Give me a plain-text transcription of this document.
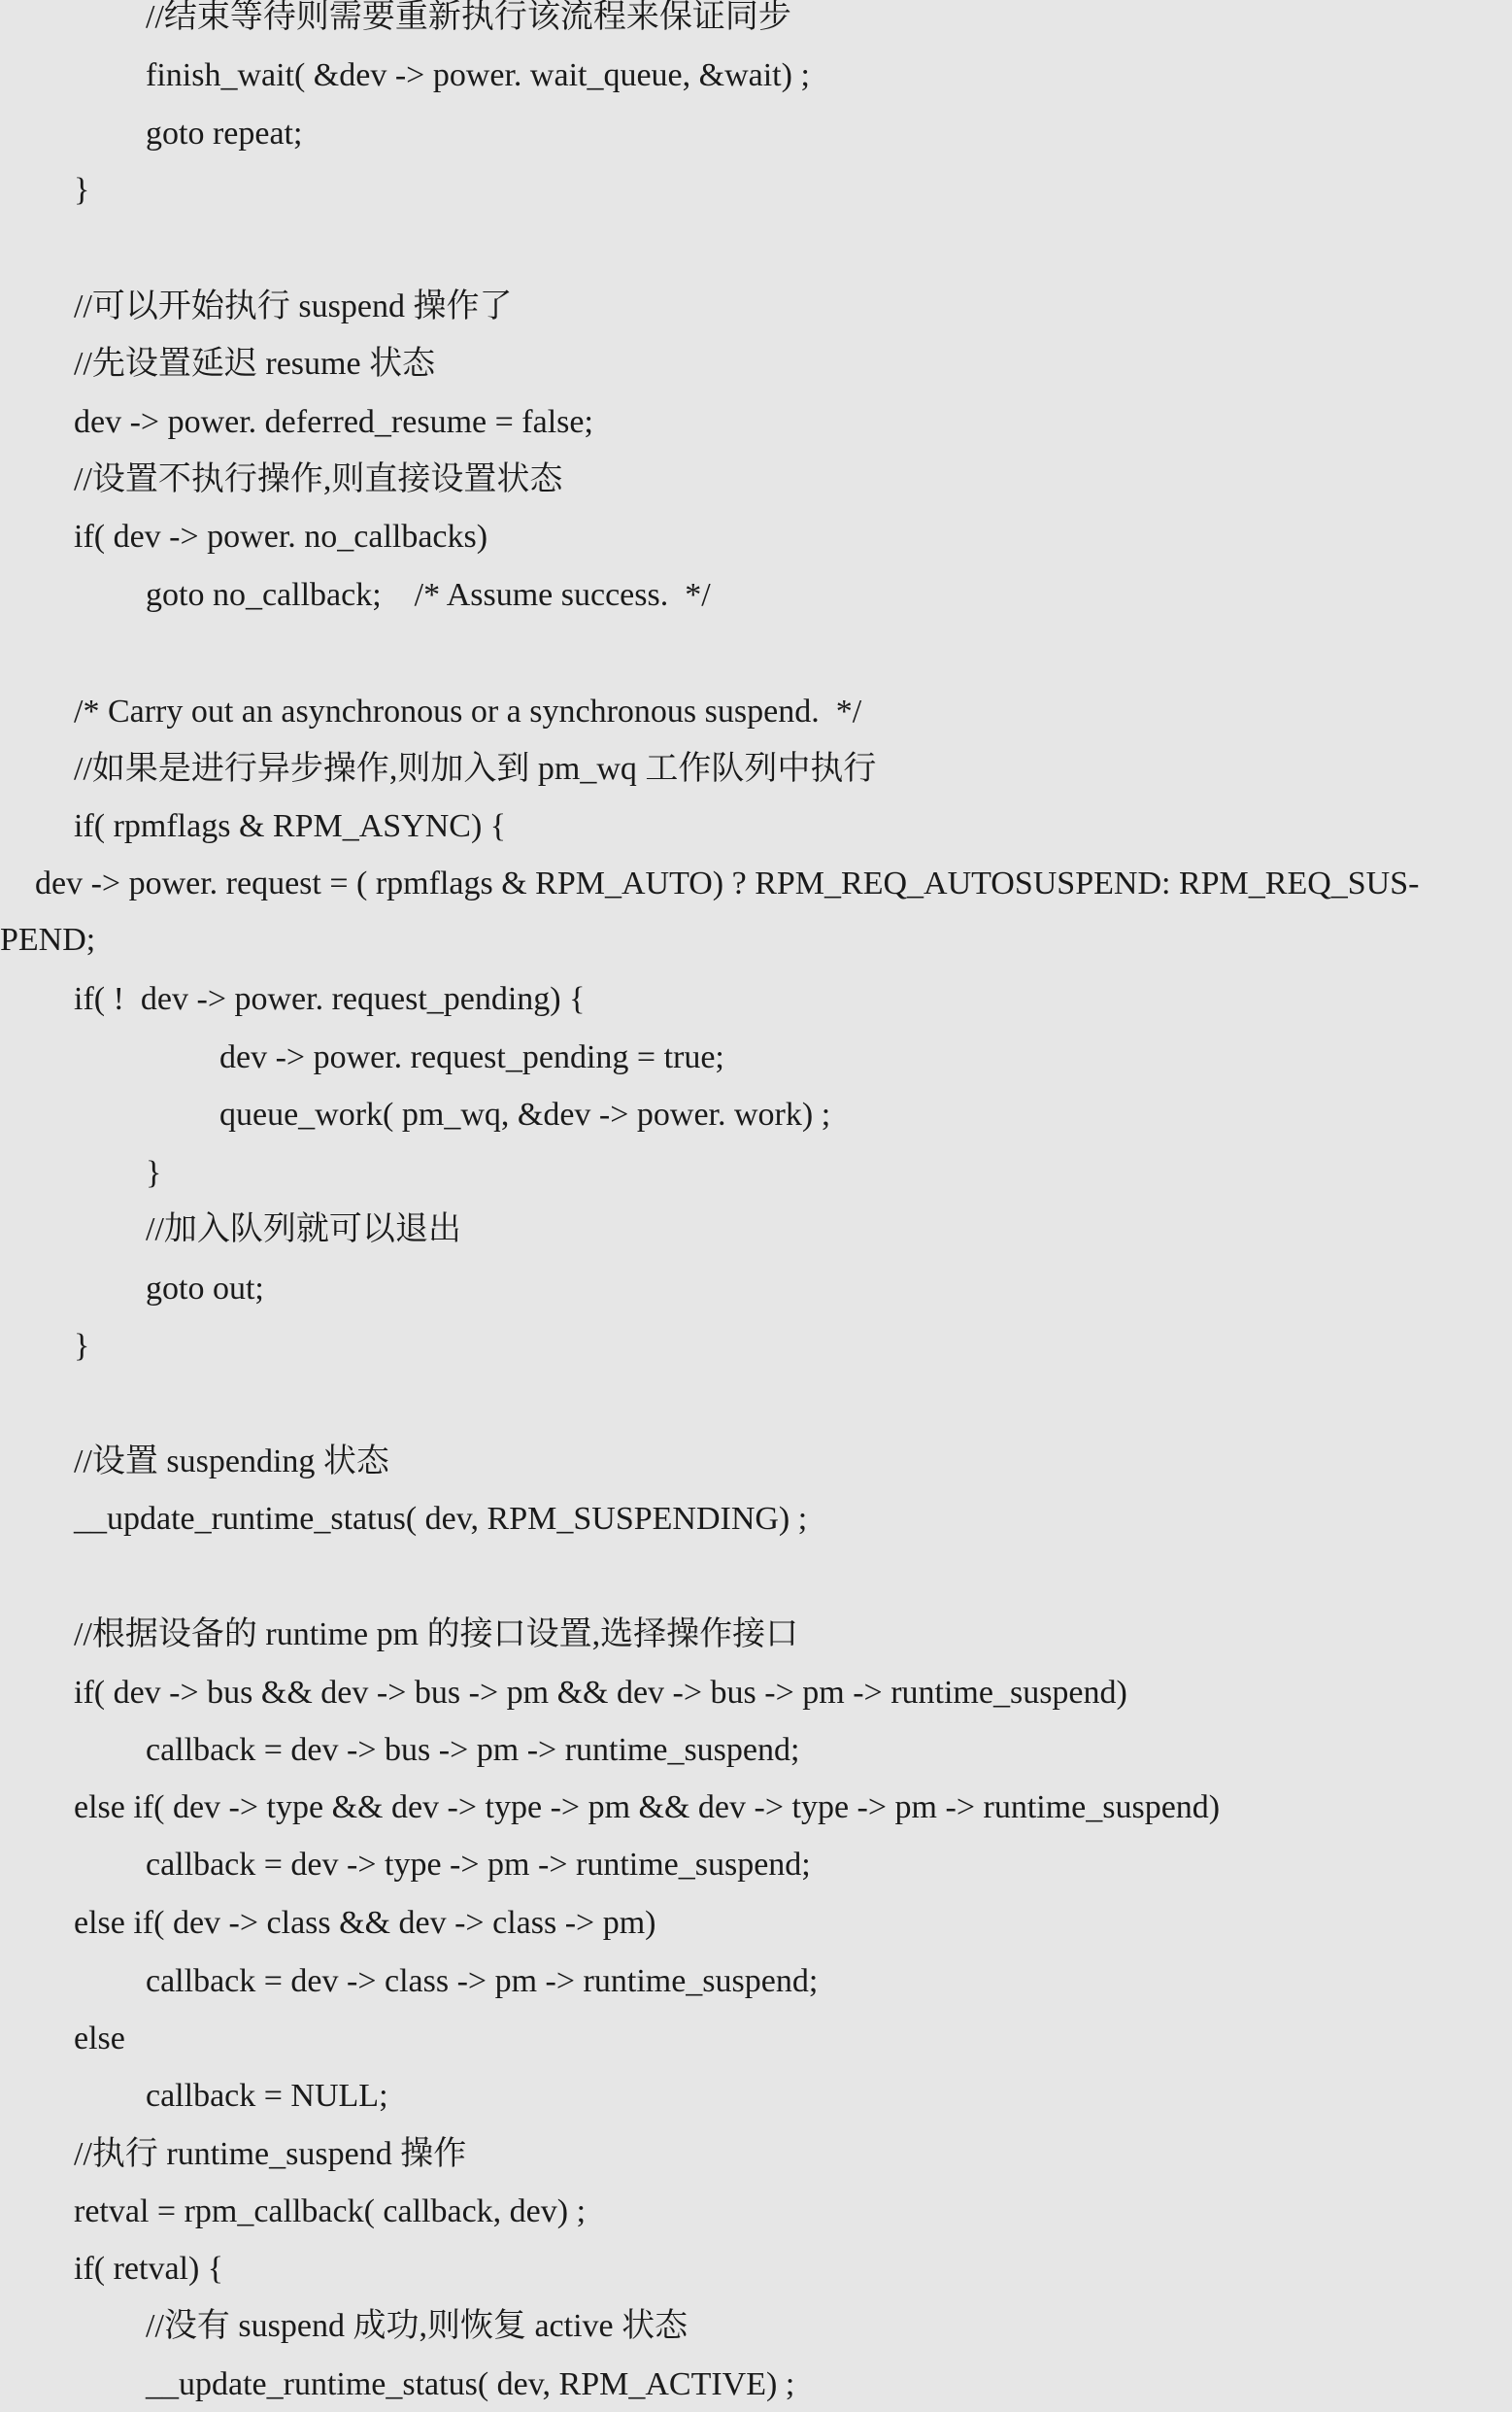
//结束等待则需要重新执行该流程来保证同步
finish_wait( &dev -> power. wait_queue, &wait) ;
goto repeat;
}
//可以开始执行 suspend 操作了
//先设置延迟 resume 状态
dev -> power. deferred_resume = false;
//设置不执行操作,则直接设置状态
if( dev -> power. no_callbacks)
goto no_callback;    /* Assume success.  */
/* Carry out an asynchronous or a synchronous suspend.  */
//如果是进行异步操作,则加入到 pm_wq 工作队列中执行
if( rpmflags & RPM_ASYNC) {
dev -> power. request = ( rpmflags & RPM_AUTO) ? RPM_REQ_AUTOSUSPEND: RPM_REQ_SUS-
PEND;
if( !  dev -> power. request_pending) {
dev -> power. request_pending = true;
queue_work( pm_wq, &dev -> power. work) ;
}
//加入队列就可以退出
goto out;
}
//设置 suspending 状态
__update_runtime_status( dev, RPM_SUSPENDING) ;
//根据设备的 runtime pm 的接口设置,选择操作接口
if( dev -> bus && dev -> bus -> pm && dev -> bus -> pm -> runtime_suspend)
callback = dev -> bus -> pm -> runtime_suspend;
else if( dev -> type && dev -> type -> pm && dev -> type -> pm -> runtime_suspend)
callback = dev -> type -> pm -> runtime_suspend;
else if( dev -> class && dev -> class -> pm)
callback = dev -> class -> pm -> runtime_suspend;
else
callback = NULL;
//执行 runtime_suspend 操作
retval = rpm_callback( callback, dev) ;
if( retval) {
//没有 suspend 成功,则恢复 active 状态
__update_runtime_status( dev, RPM_ACTIVE) ;
